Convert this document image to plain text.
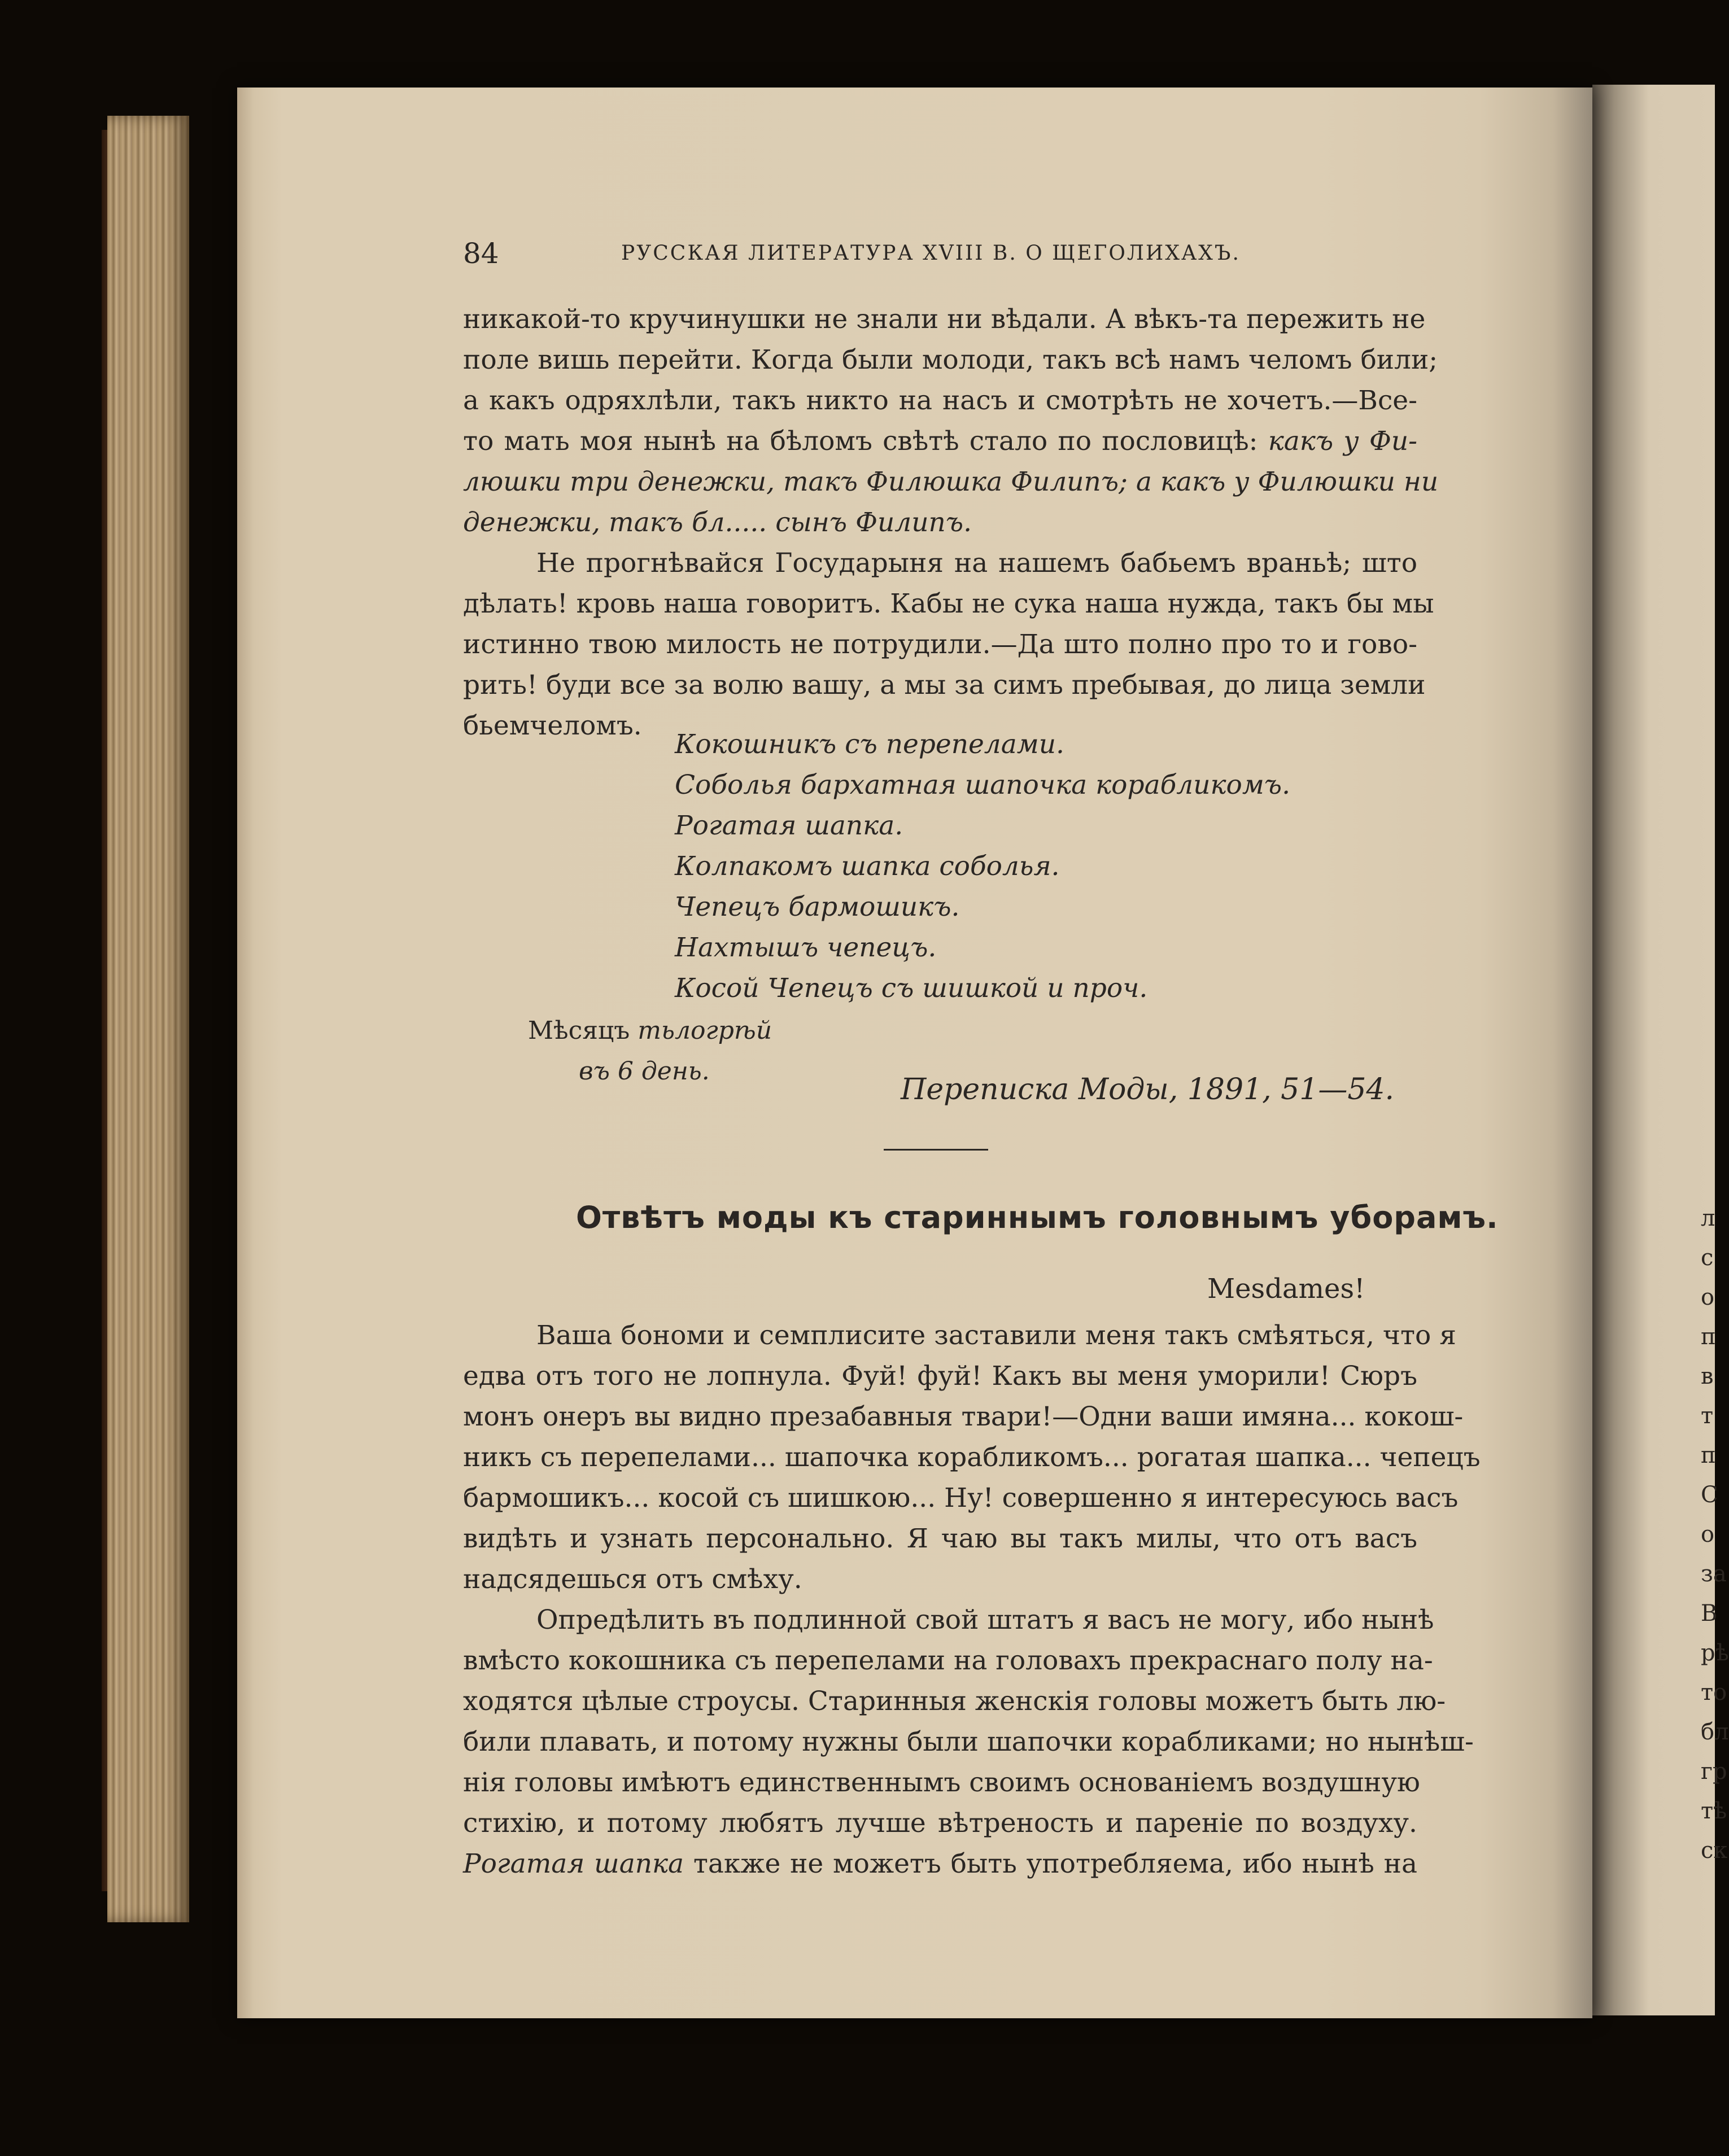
84	РУССКАЯ ЛИТЕРАТУРА XVIII В. О ЩЕГОЛИХАХЪ.
никакой-то кручинушки не знали ни вѣдали. А вѣкъ-та пережить не
поле вишь перейти. Когда были молоди, такъ всѣ намъ челомъ били;
а какъ одряхлѣли, такъ никто на насъ и смотрѣть не хочетъ.—Все-
то мать моя нынѣ на бѣломъ свѣтѣ стало по пословицѣ: какъ у Фи-
люшки три денежки, такъ Филюшка Филипъ; а какъ у Филюшки ни
денежки, такъ бл..... сынъ Филипъ.
Не прогнѣвайся Государыня на нашемъ бабьемъ враньѣ; што
дѣлать! кровь наша говоритъ. Кабы не сука наша нужда, такъ бы мы
истинно твою милость не потрудили.—Да што полно про то и гово-
рить! буди все за волю вашу, а мы за симъ пребывая, до лица земли
бьемчеломъ.
Кокошникъ съ перепелами.
Соболья бархатная шапочка корабликомъ.
Рогатая шапка.
Колпакомъ шапка соболья.
Чепецъ бармошикъ.
Нахтышъ чепецъ.
Косой Чепецъ съ шишкой и проч.
Мѣсяцъ тьлогрѣй
въ 6 день.
Переписка Моды, 1891, 51—54.
Отвѣтъ моды къ стариннымъ головнымъ уборамъ.
Mesdames!
Ваша бономи и семплисите заставили меня такъ смѣяться, что я
едва отъ того не лопнула. Фуй! фуй! Какъ вы меня уморили! Сюръ
монъ онеръ вы видно презабавныя твари!—Одни ваши имяна... кокош-
никъ съ перепелами... шапочка корабликомъ... рогатая шапка... чепецъ
бармошикъ... косой съ шишкою... Ну! совершенно я интересуюсь васъ
видѣть и узнать персонально. Я чаю вы такъ милы, что отъ васъ
надсядешься отъ смѣху.
Опредѣлить въ подлинной свой штатъ я васъ не могу, ибо нынѣ
вмѣсто кокошника съ перепелами на головахъ прекраснаго полу на-
ходятся цѣлые строусы. Старинныя женскія головы можетъ быть лю-
били плавать, и потому нужны были шапочки корабликами; но нынѣш-
нія головы имѣютъ единственнымъ своимъ основаніемъ воздушную
стихію, и потому любятъ лучше вѣтреность и пареніе по воздуху.
Рогатая шапка также не можетъ быть употребляема, ибо нынѣ на
л
с
о
п
в
т
п
С
о
за
В
рѣ
то
бл
гр
тѣ
ск
